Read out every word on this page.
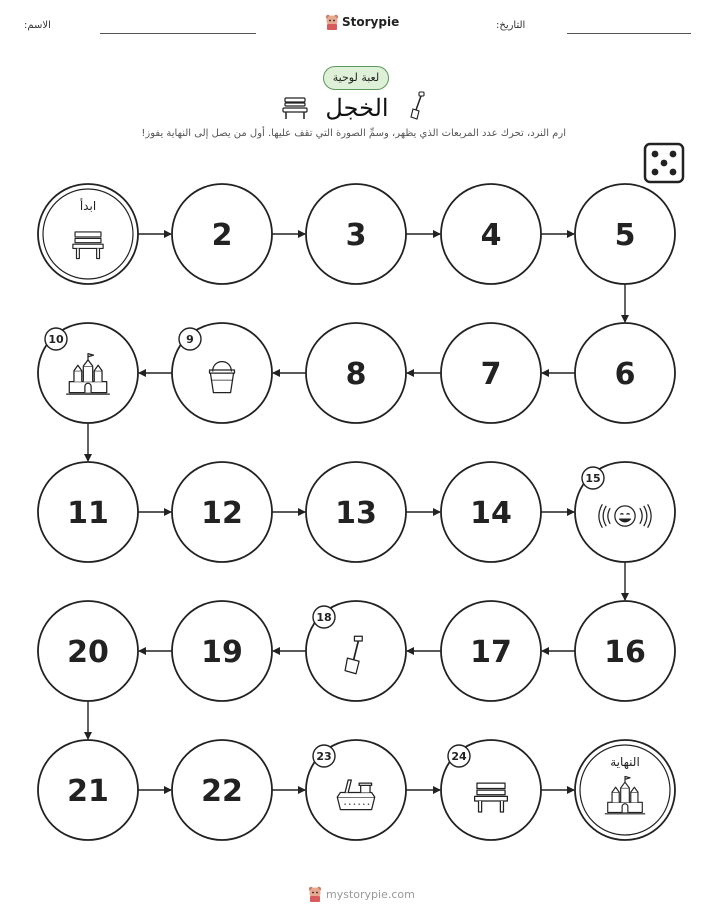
الاسم:	Storypie	التاريخ:
لعبة لوحية
الخجل
ارم النرد، تحرك عدد المربعات الذي يظهر، وسمِّ الصورة التي تقف عليها. أول من يصل إلى النهاية يفوز!
ابدأ
2	3	4	5
6
7
8
9
10
11	12	13	14
15
16
17
18
19
20
21	22
23	24	النهاية
mystorypie.com
